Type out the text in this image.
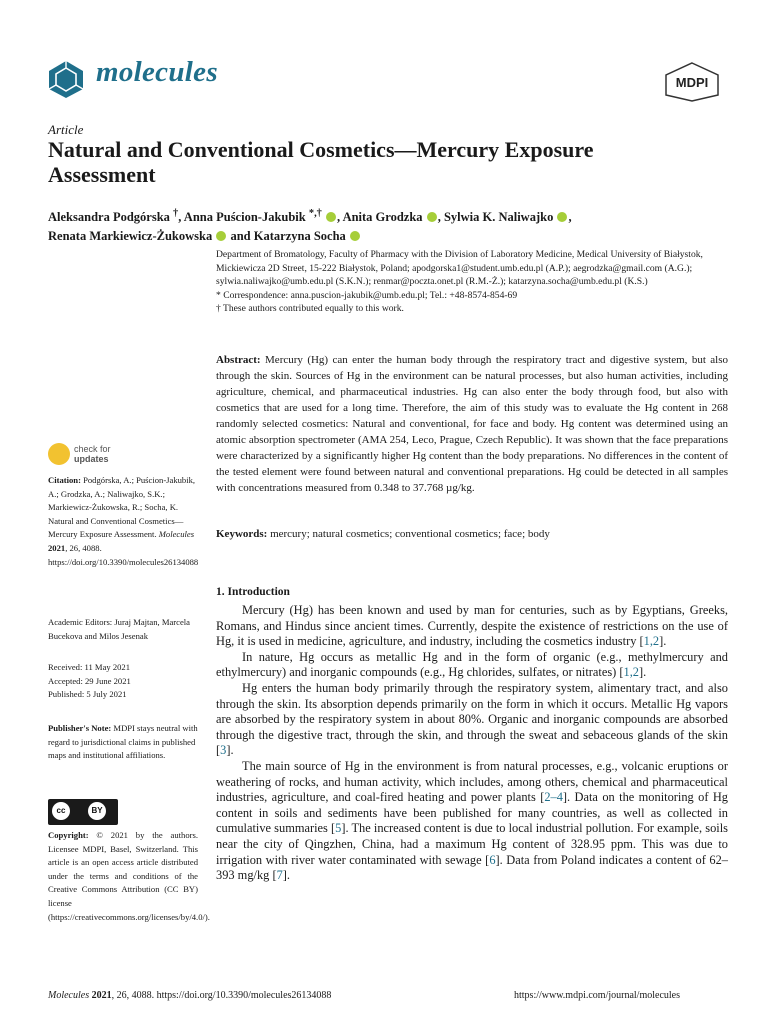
molecules	MDPI
Article
Natural and Conventional Cosmetics—Mercury Exposure Assessment
Aleksandra Podgórska †, Anna Puścion-Jakubik *,† , Anita Grodzka , Sylwia K. Naliwajko ,
Renata Markiewicz-Żukowska and Katarzyna Socha
Department of Bromatology, Faculty of Pharmacy with the Division of Laboratory Medicine, Medical University of Białystok, Mickiewicza 2D Street, 15-222 Białystok, Poland; apodgorska1@student.umb.edu.pl (A.P.); aegrodzka@gmail.com (A.G.); sylwia.naliwajko@umb.edu.pl (S.K.N.); renmar@poczta.onet.pl (R.M.-Ż.); katarzyna.socha@umb.edu.pl (K.S.)
* Correspondence: anna.puscion-jakubik@umb.edu.pl; Tel.: +48-8574-854-69
† These authors contributed equally to this work.
Abstract: Mercury (Hg) can enter the human body through the respiratory tract and digestive system, but also through the skin. Sources of Hg in the environment can be natural processes, but also human activities, including agriculture, chemical, and pharmaceutical industries. Hg can also enter the body through food, but also with cosmetics that are used for a long time. Therefore, the aim of this study was to evaluate the Hg content in 268 randomly selected cosmetics: Natural and conventional, for face and body. Hg content was determined using an atomic absorption spectrometer (AMA 254, Leco, Prague, Czech Republic). It was shown that the face preparations were characterized by a significantly higher Hg content than the body preparations. No differences in the content of the tested element were found between natural and conventional preparations. Hg could be detected in all samples with concentrations measured from 0.348 to 37.768 µg/kg.
Keywords: mercury; natural cosmetics; conventional cosmetics; face; body
1. Introduction

Mercury (Hg) has been known and used by man for centuries, such as by Egyptians, Greeks, Romans, and Hindus since ancient times. Currently, despite the existence of restrictions on the use of Hg, it is used in medicine, agriculture, and industry, including the cosmetics industry [1,2].

In nature, Hg occurs as metallic Hg and in the form of organic (e.g., methylmercury and ethylmercury) and inorganic compounds (e.g., Hg chlorides, sulfates, or nitrates) [1,2].

Hg enters the human body primarily through the respiratory system, alimentary tract, and also through the skin. Its absorption depends primarily on the form in which it occurs. Metallic Hg vapors are absorbed by the respiratory system in about 80%. Organic and inorganic compounds are absorbed through the digestive tract, through the skin, and through the sweat and sebaceous glands of the skin [3].

The main source of Hg in the environment is from natural processes, e.g., volcanic eruptions or weathering of rocks, and human activity, which includes, among others, chemical and pharmaceutical industries, agriculture, and coal-fired heating and power plants [2–4]. Data on the monitoring of Hg content in soils and sediments have been published for many countries, as well as collected in cumulative summaries [5]. The increased content is due to local industrial pollution. For example, soils near the city of Qingzhen, China, had a maximum Hg content of 328.95 ppm. This was due to irrigation with river water contaminated with sewage [6]. Data from Poland indicates a content of 62–393 mg/kg [7].

check for
updates
Citation: Podgórska, A.; Puścion-Jakubik, A.; Grodzka, A.; Naliwajko, S.K.; Markiewicz-Żukowska, R.; Socha, K. Natural and Conventional Cosmetics—Mercury Exposure Assessment. Molecules 2021, 26, 4088. https://doi.org/10.3390/molecules26134088
Academic Editors: Juraj Majtan, Marcela Bucekova and Milos Jesenak
Received: 11 May 2021
Accepted: 29 June 2021
Published: 5 July 2021
Publisher's Note: MDPI stays neutral with regard to jurisdictional claims in published maps and institutional affiliations.
cc	BY
Copyright: © 2021 by the authors. Licensee MDPI, Basel, Switzerland. This article is an open access article distributed under the terms and conditions of the Creative Commons Attribution (CC BY) license (https://creativecommons.org/licenses/by/4.0/).
Molecules 2021, 26, 4088. https://doi.org/10.3390/molecules26134088	https://www.mdpi.com/journal/molecules
